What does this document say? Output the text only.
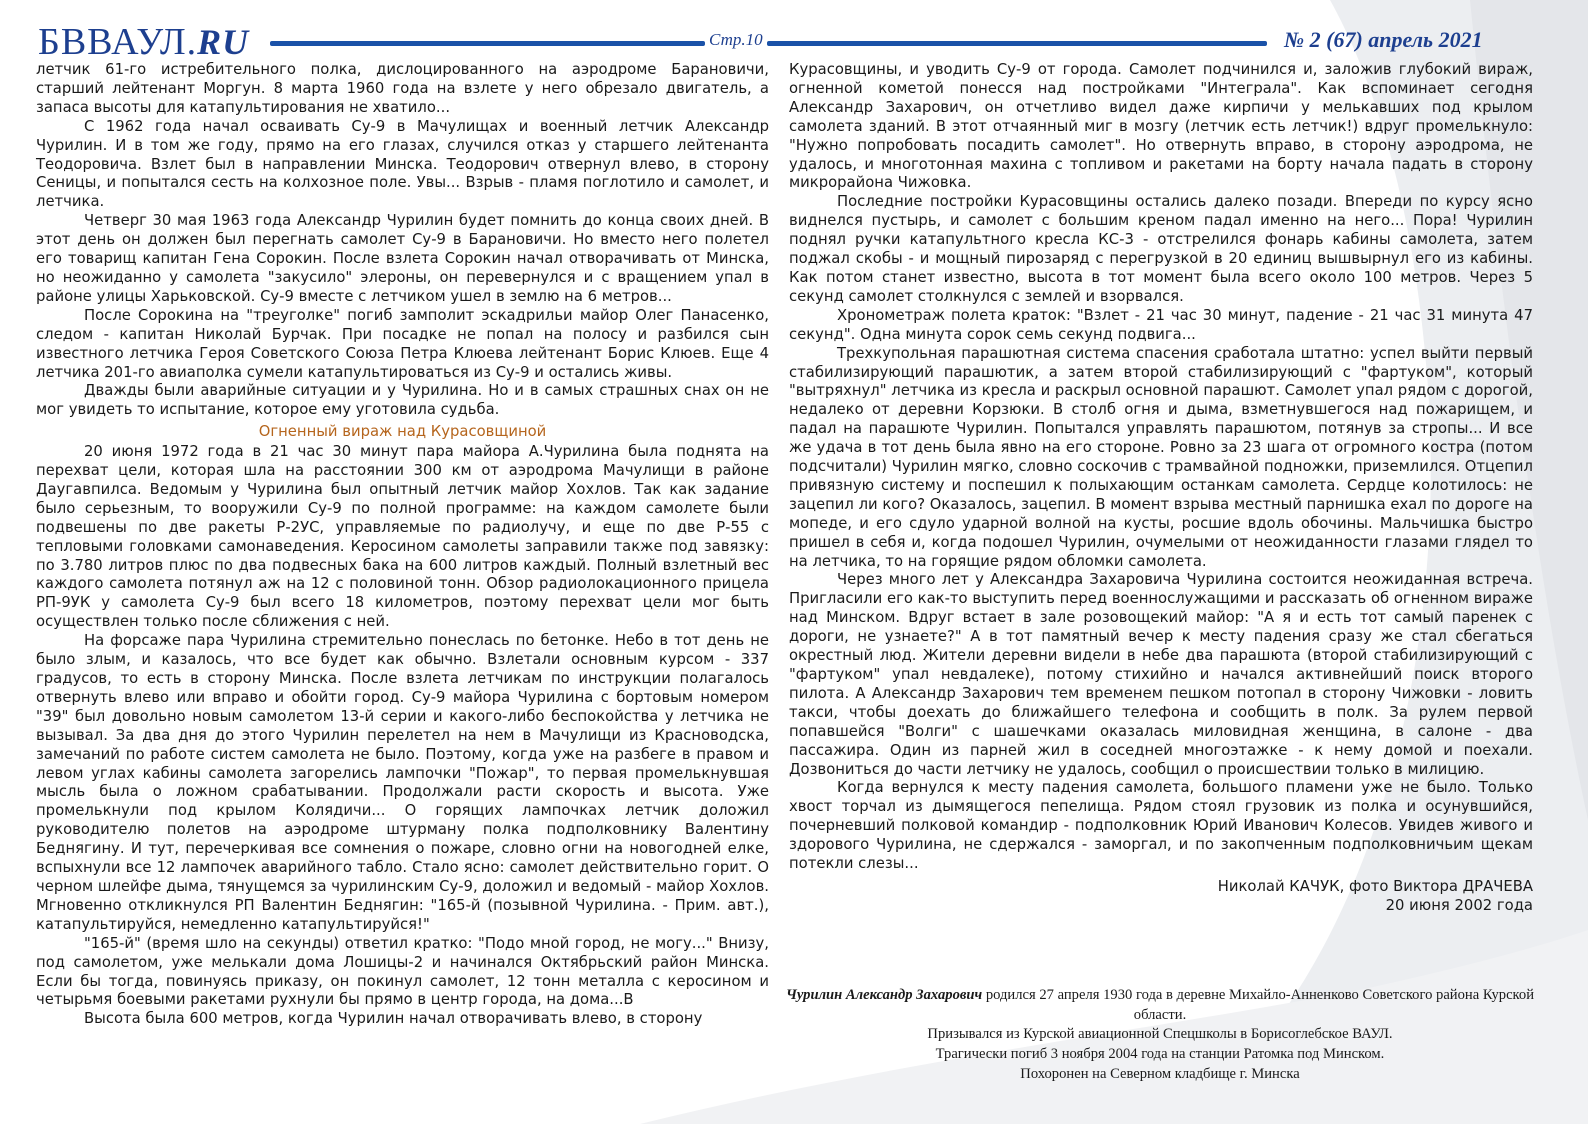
БВВАУЛ.RU	Стр.10	№ 2 (67) апрель 2021

летчик 61-го истребительного полка, дислоцированного на аэродроме Барановичи, старший лейтенант Моргун. 8 марта 1960 года на взлете у него обрезало двигатель, а запаса высоты для катапультирования не хватило...

С 1962 года начал осваивать Су-9 в Мачулищах и военный летчик Александр Чурилин. И в том же году, прямо на его глазах, случился отказ у старшего лейтенанта Теодоровича. Взлет был в направлении Минска. Теодорович отвернул влево, в сторону Сеницы, и попытался сесть на колхозное поле. Увы... Взрыв - пламя поглотило и самолет, и летчика.

Четверг 30 мая 1963 года Александр Чурилин будет помнить до конца своих дней. В этот день он должен был перегнать самолет Су-9 в Барановичи. Но вместо него полетел его товарищ капитан Гена Сорокин. После взлета Сорокин начал отворачивать от Минска, но неожиданно у самолета "закусило" элероны, он перевернулся и с вращением упал в районе улицы Харьковской. Су-9 вместе с летчиком ушел в землю на 6 метров...

После Сорокина на "треуголке" погиб замполит эскадрильи майор Олег Панасенко, следом - капитан Николай Бурчак. При посадке не попал на полосу и разбился сын известного летчика Героя Советского Союза Петра Клюева лейтенант Борис Клюев. Еще 4 летчика 201-го авиаполка сумели катапультироваться из Су-9 и остались живы.

Дважды были аварийные ситуации и у Чурилина. Но и в самых страшных снах он не мог увидеть то испытание, которое ему уготовила судьба.

Огненный вираж над Курасовщиной

20 июня 1972 года в 21 час 30 минут пара майора А.Чурилина была поднята на перехват цели, которая шла на расстоянии 300 км от аэродрома Мачулищи в районе Даугавпилса. Ведомым у Чурилина был опытный летчик майор Хохлов. Так как задание было серьезным, то вооружили Су-9 по полной программе: на каждом самолете были подвешены по две ракеты Р-2УС, управляемые по радиолучу, и еще по две Р-55 с тепловыми головками самонаведения. Керосином самолеты заправили также под завязку: по 3.780 литров плюс по два подвесных бака на 600 литров каждый. Полный взлетный вес каждого самолета потянул аж на 12 с половиной тонн. Обзор радиолокационного прицела РП-9УК у самолета Су-9 был всего 18 километров, поэтому перехват цели мог быть осуществлен только после сближения с ней.

На форсаже пара Чурилина стремительно понеслась по бетонке. Небо в тот день не было злым, и казалось, что все будет как обычно. Взлетали основным курсом - 337 градусов, то есть в сторону Минска. После взлета летчикам по инструкции полагалось отвернуть влево или вправо и обойти город. Су-9 майора Чурилина с бортовым номером "39" был довольно новым самолетом 13-й серии и какого-либо беспокойства у летчика не вызывал. За два дня до этого Чурилин перелетел на нем в Мачулищи из Красноводска, замечаний по работе систем самолета не было. Поэтому, когда уже на разбеге в правом и левом углах кабины самолета загорелись лампочки "Пожар", то первая промелькнувшая мысль была о ложном срабатывании. Продолжали расти скорость и высота. Уже промелькнули под крылом Колядичи... О горящих лампочках летчик доложил руководителю полетов на аэродроме штурману полка подполковнику Валентину Беднягину. И тут, перечеркивая все сомнения о пожаре, словно огни на новогодней елке, вспыхнули все 12 лампочек аварийного табло. Стало ясно: самолет действительно горит. О черном шлейфе дыма, тянущемся за чурилинским Су-9, доложил и ведомый - майор Хохлов. Мгновенно откликнулся РП Валентин Беднягин: "165-й (позывной Чурилина. - Прим. авт.), катапультируйся, немедленно катапультируйся!"

"165-й" (время шло на секунды) ответил кратко: "Подо мной город, не могу..." Внизу, под самолетом, уже мелькали дома Лошицы-2 и начинался Октябрьский район Минска. Если бы тогда, повинуясь приказу, он покинул самолет, 12 тонн металла с керосином и четырьмя боевыми ракетами рухнули бы прямо в центр города, на дома...В

Высота была 600 метров, когда Чурилин начал отворачивать влево, в сторону

Курасовщины, и уводить Су-9 от города. Самолет подчинился и, заложив глубокий вираж, огненной кометой понесся над постройками "Интеграла". Как вспоминает сегодня Александр Захарович, он отчетливо видел даже кирпичи у мелькавших под крылом самолета зданий. В этот отчаянный миг в мозгу (летчик есть летчик!) вдруг промелькнуло: "Нужно попробовать посадить самолет". Но отвернуть вправо, в сторону аэродрома, не удалось, и многотонная махина с топливом и ракетами на борту начала падать в сторону микрорайона Чижовка.

Последние постройки Курасовщины остались далеко позади. Впереди по курсу ясно виднелся пустырь, и самолет с большим креном падал именно на него... Пора! Чурилин поднял ручки катапультного кресла КС-3 - отстрелился фонарь кабины самолета, затем поджал скобы - и мощный пирозаряд с перегрузкой в 20 единиц вышвырнул его из кабины. Как потом станет известно, высота в тот момент была всего около 100 метров. Через 5 секунд самолет столкнулся с землей и взорвался.

Хронометраж полета краток: "Взлет - 21 час 30 минут, падение - 21 час 31 минута 47 секунд". Одна минута сорок семь секунд подвига...

Трехкупольная парашютная система спасения сработала штатно: успел выйти первый стабилизирующий парашютик, а затем второй стабилизирующий с "фартуком", который "вытряхнул" летчика из кресла и раскрыл основной парашют. Самолет упал рядом с дорогой, недалеко от деревни Корзюки. В столб огня и дыма, взметнувшегося над пожарищем, и падал на парашюте Чурилин. Попытался управлять парашютом, потянув за стропы... И все же удача в тот день была явно на его стороне. Ровно за 23 шага от огромного костра (потом подсчитали) Чурилин мягко, словно соскочив с трамвайной подножки, приземлился. Отцепил привязную систему и поспешил к полыхающим останкам самолета. Сердце колотилось: не зацепил ли кого? Оказалось, зацепил. В момент взрыва местный парнишка ехал по дороге на мопеде, и его сдуло ударной волной на кусты, росшие вдоль обочины. Мальчишка быстро пришел в себя и, когда подошел Чурилин, очумелыми от неожиданности глазами глядел то на летчика, то на горящие рядом обломки самолета.

Через много лет у Александра Захаровича Чурилина состоится неожиданная встреча. Пригласили его как-то выступить перед военнослужащими и рассказать об огненном вираже над Минском. Вдруг встает в зале розовощекий майор: "А я и есть тот самый паренек с дороги, не узнаете?" А в тот памятный вечер к месту падения сразу же стал сбегаться окрестный люд. Жители деревни видели в небе два парашюта (второй стабилизирующий с "фартуком" упал невдалеке), потому стихийно и начался активнейший поиск второго пилота. А Александр Захарович тем временем пешком потопал в сторону Чижовки - ловить такси, чтобы доехать до ближайшего телефона и сообщить в полк. За рулем первой попавшейся "Волги" с шашечками оказалась миловидная женщина, в салоне - два пассажира. Один из парней жил в соседней многоэтажке - к нему домой и поехали. Дозвониться до части летчику не удалось, сообщил о происшествии только в милицию.

Когда вернулся к месту падения самолета, большого пламени уже не было. Только хвост торчал из дымящегося пепелища. Рядом стоял грузовик из полка и осунувшийся, почерневший полковой командир - подполковник Юрий Иванович Колесов. Увидев живого и здорового Чурилина, не сдержался - заморгал, и по закопченным подполковничьим щекам потекли слезы...

Николай КАЧУК, фото Виктора ДРАЧЕВА
20 июня 2002 года
Чурилин Александр Захарович родился 27 апреля 1930 года в деревне Михайло-Анненково Советского района Курской области.
Призывался из Курской авиационной Спецшколы в Борисоглебское ВАУЛ.
Трагически погиб 3 ноября 2004 года на станции Ратомка под Минском.
Похоронен на Северном кладбище г. Минска
